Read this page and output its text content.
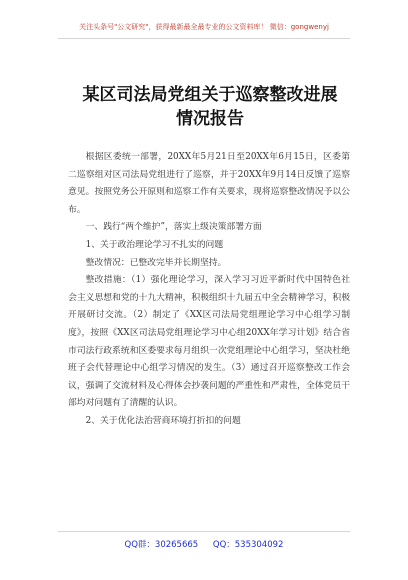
关注头条号"公文研究"，获得最新最全最专业的公文资料库！ 微信：gongwenyj
某区司法局党组关于巡察整改进展
情况报告

根据区委统一部署，20XX年5月21日至20XX年6月15日，区委第二巡察组对区司法局党组进行了巡察，并于20XX年9月14日反馈了巡察意见。按照党务公开原则和巡察工作有关要求，现将巡察整改情况予以公布。

一、践行“两个维护”，落实上级决策部署方面

1、关于政治理论学习不扎实的问题

整改情况：已整改完毕并长期坚持。

整改措施：（1）强化理论学习，深入学习习近平新时代中国特色社会主义思想和党的十九大精神，积极组织十九届五中全会精神学习，积极开展研讨交流。（2）制定了《XX区司法局党组理论学习中心组学习制度》，按照《XX区司法局党组理论学习中心组20XX年学习计划》结合省市司法行政系统和区委要求每月组织一次党组理论中心组学习，坚决杜绝班子会代替理论中心组学习情况的发生。（3）通过召开巡察整改工作会议，强调了交流材料及心得体会抄袭问题的严重性和严肃性，全体党员干部均对问题有了清醒的认识。

2、关于优化法治营商环境打折扣的问题

QQ群：30265665 QQ：535304092
